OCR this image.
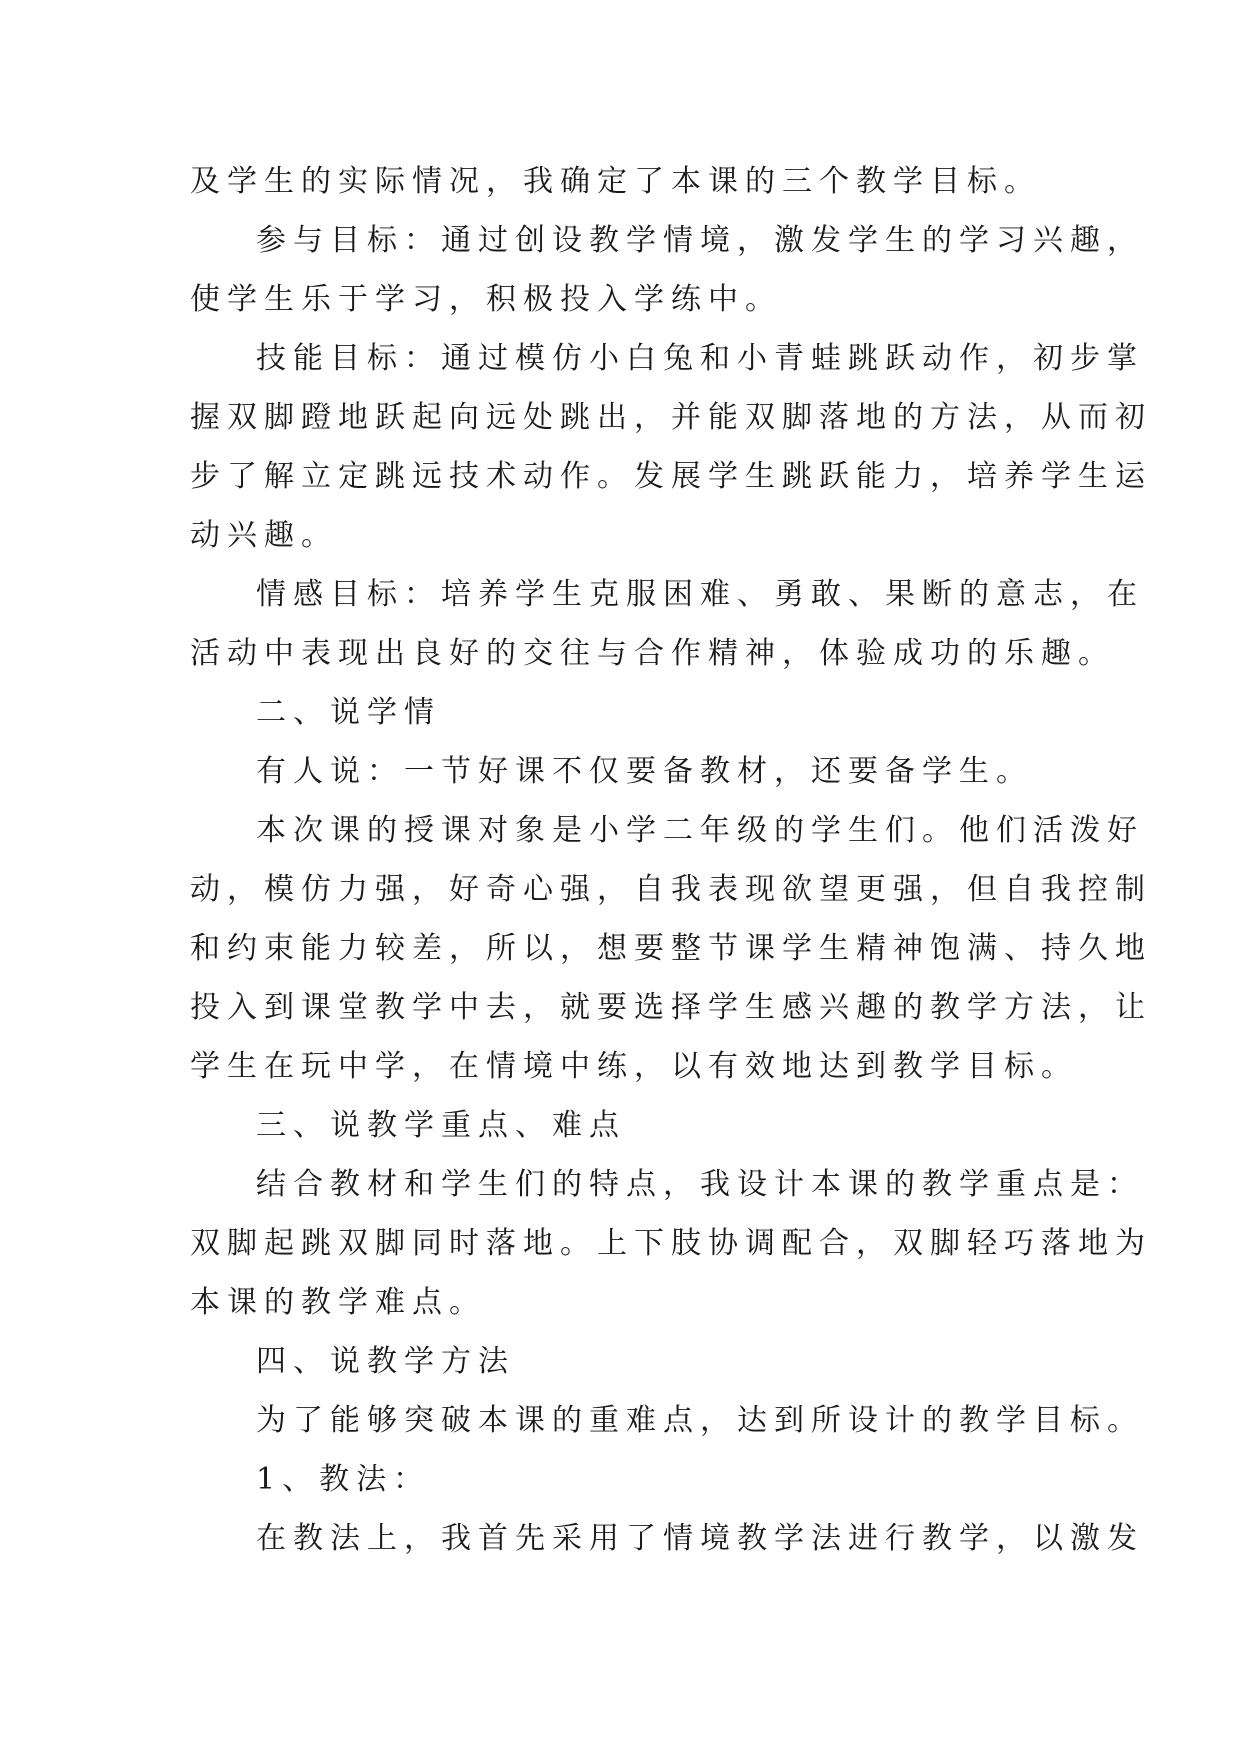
及学生的实际情况，我确定了本课的三个教学目标。
参与目标：通过创设教学情境，激发学生的学习兴趣，
使学生乐于学习，积极投入学练中。
技能目标：通过模仿小白兔和小青蛙跳跃动作，初步掌
握双脚蹬地跃起向远处跳出，并能双脚落地的方法，从而初
步了解立定跳远技术动作。发展学生跳跃能力，培养学生运
动兴趣。
情感目标：培养学生克服困难、勇敢、果断的意志，在
活动中表现出良好的交往与合作精神，体验成功的乐趣。
二、说学情
有人说：一节好课不仅要备教材，还要备学生。
本次课的授课对象是小学二年级的学生们。他们活泼好
动，模仿力强，好奇心强，自我表现欲望更强，但自我控制
和约束能力较差，所以，想要整节课学生精神饱满、持久地
投入到课堂教学中去，就要选择学生感兴趣的教学方法，让
学生在玩中学，在情境中练，以有效地达到教学目标。
三、说教学重点、难点
结合教材和学生们的特点，我设计本课的教学重点是：
双脚起跳双脚同时落地。上下肢协调配合，双脚轻巧落地为
本课的教学难点。
四、说教学方法
为了能够突破本课的重难点，达到所设计的教学目标。
1、教法：
在教法上，我首先采用了情境教学法进行教学，以激发
